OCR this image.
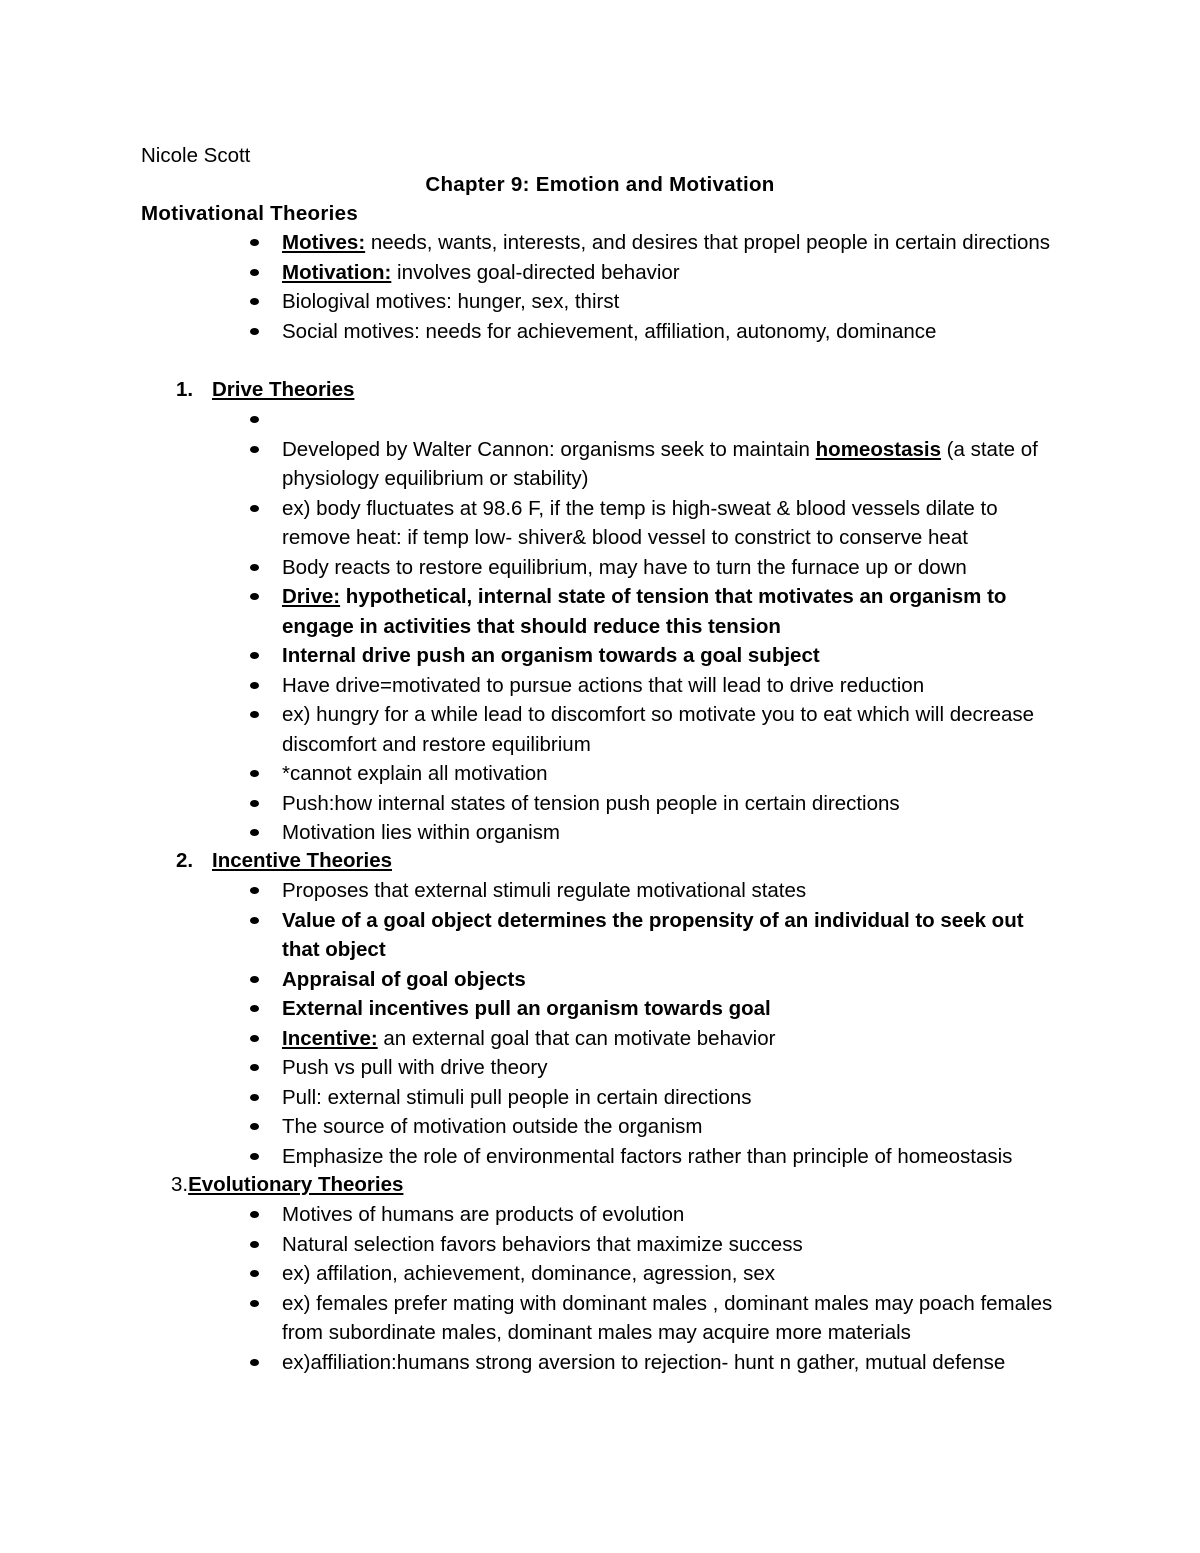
Nicole Scott
Chapter 9: Emotion and Motivation
Motivational Theories
Motives: needs, wants, interests, and desires that propel people in certain directions
Motivation: involves goal-directed behavior
Biologival motives: hunger, sex, thirst
Social motives: needs for achievement, affiliation, autonomy, dominance
1. Drive Theories

Developed by Walter Cannon: organisms seek to maintain homeostasis (a state of physiology equilibrium or stability)
ex) body fluctuates at 98.6 F, if the temp is high-sweat & blood vessels dilate to remove heat: if temp low- shiver& blood vessel to constrict to conserve heat
Body reacts to restore equilibrium, may have to turn the furnace up or down
Drive: hypothetical, internal state of tension that motivates an organism to engage in activities that should reduce this tension
Internal drive push an organism towards a goal subject
Have drive=motivated to pursue actions that will lead to drive reduction
ex) hungry for a while lead to discomfort so motivate you to eat which will decrease discomfort and restore equilibrium
*cannot explain all motivation
Push:how internal states of tension push people in certain directions
Motivation lies within organism
2. Incentive Theories
Proposes that external stimuli regulate motivational states
Value of a goal object determines the propensity of an individual to seek out that object
Appraisal of goal objects
External incentives pull an organism towards goal
Incentive: an external goal that can motivate behavior
Push vs pull with drive theory
Pull: external stimuli pull people in certain directions
The source of motivation outside the organism
Emphasize the role of environmental factors rather than principle of homeostasis
3.Evolutionary Theories
Motives of humans are products of evolution
Natural selection favors behaviors that maximize success
ex) affilation, achievement, dominance, agression, sex
ex) females prefer mating with dominant males , dominant males may poach females from subordinate males, dominant males may acquire more materials
ex)affiliation:humans strong aversion to rejection- hunt n gather, mutual defense
